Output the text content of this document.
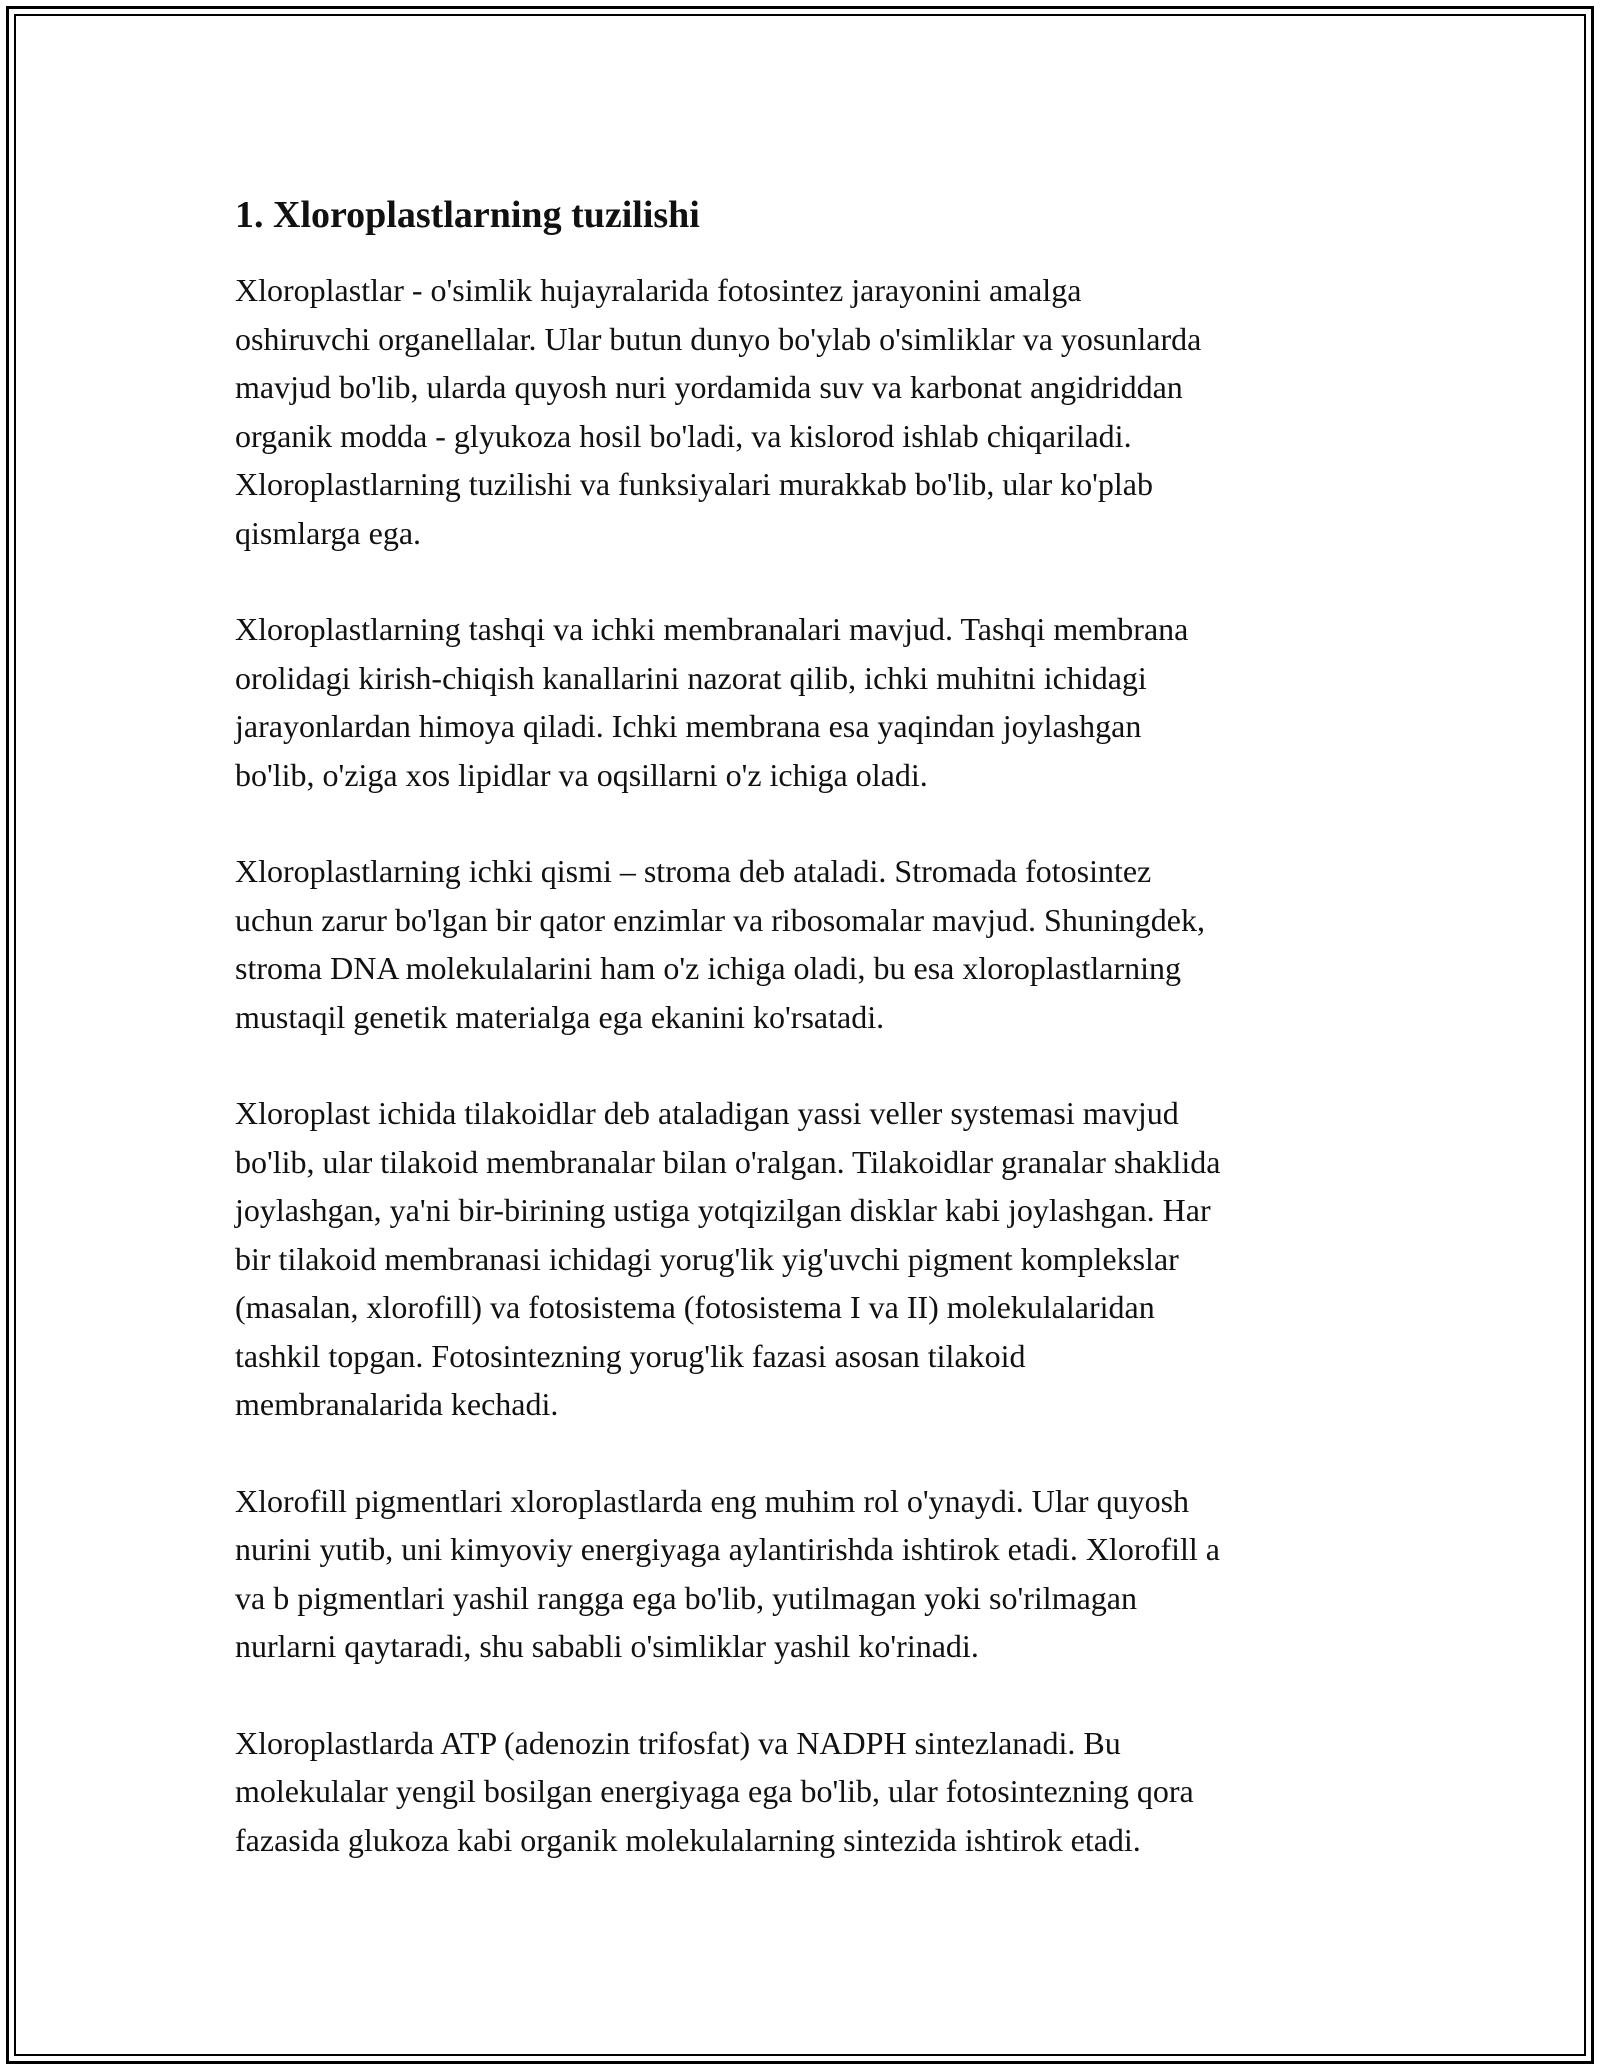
1. Xloroplastlarning tuzilishi

Xloroplastlar - o'simlik hujayralarida fotosintez jarayonini amalga
oshiruvchi organellalar. Ular butun dunyo bo'ylab o'simliklar va yosunlarda
mavjud bo'lib, ularda quyosh nuri yordamida suv va karbonat angidriddan
organik modda - glyukoza hosil bo'ladi, va kislorod ishlab chiqariladi.
Xloroplastlarning tuzilishi va funksiyalari murakkab bo'lib, ular ko'plab
qismlarga ega.

Xloroplastlarning tashqi va ichki membranalari mavjud. Tashqi membrana
orolidagi kirish-chiqish kanallarini nazorat qilib, ichki muhitni ichidagi
jarayonlardan himoya qiladi. Ichki membrana esa yaqindan joylashgan
bo'lib, o'ziga xos lipidlar va oqsillarni o'z ichiga oladi.

Xloroplastlarning ichki qismi – stroma deb ataladi. Stromada fotosintez
uchun zarur bo'lgan bir qator enzimlar va ribosomalar mavjud. Shuningdek,
stroma DNA molekulalarini ham o'z ichiga oladi, bu esa xloroplastlarning
mustaqil genetik materialga ega ekanini ko'rsatadi.

Xloroplast ichida tilakoidlar deb ataladigan yassi veller systemasi mavjud
bo'lib, ular tilakoid membranalar bilan o'ralgan. Tilakoidlar granalar shaklida
joylashgan, ya'ni bir-birining ustiga yotqizilgan disklar kabi joylashgan. Har
bir tilakoid membranasi ichidagi yorug'lik yig'uvchi pigment komplekslar
(masalan, xlorofill) va fotosistema (fotosistema I va II) molekulalaridan
tashkil topgan. Fotosintezning yorug'lik fazasi asosan tilakoid
membranalarida kechadi.

Xlorofill pigmentlari xloroplastlarda eng muhim rol o'ynaydi. Ular quyosh
nurini yutib, uni kimyoviy energiyaga aylantirishda ishtirok etadi. Xlorofill a
va b pigmentlari yashil rangga ega bo'lib, yutilmagan yoki so'rilmagan
nurlarni qaytaradi, shu sababli o'simliklar yashil ko'rinadi.

Xloroplastlarda ATP (adenozin trifosfat) va NADPH sintezlanadi. Bu
molekulalar yengil bosilgan energiyaga ega bo'lib, ular fotosintezning qora
fazasida glukoza kabi organik molekulalarning sintezida ishtirok etadi.
